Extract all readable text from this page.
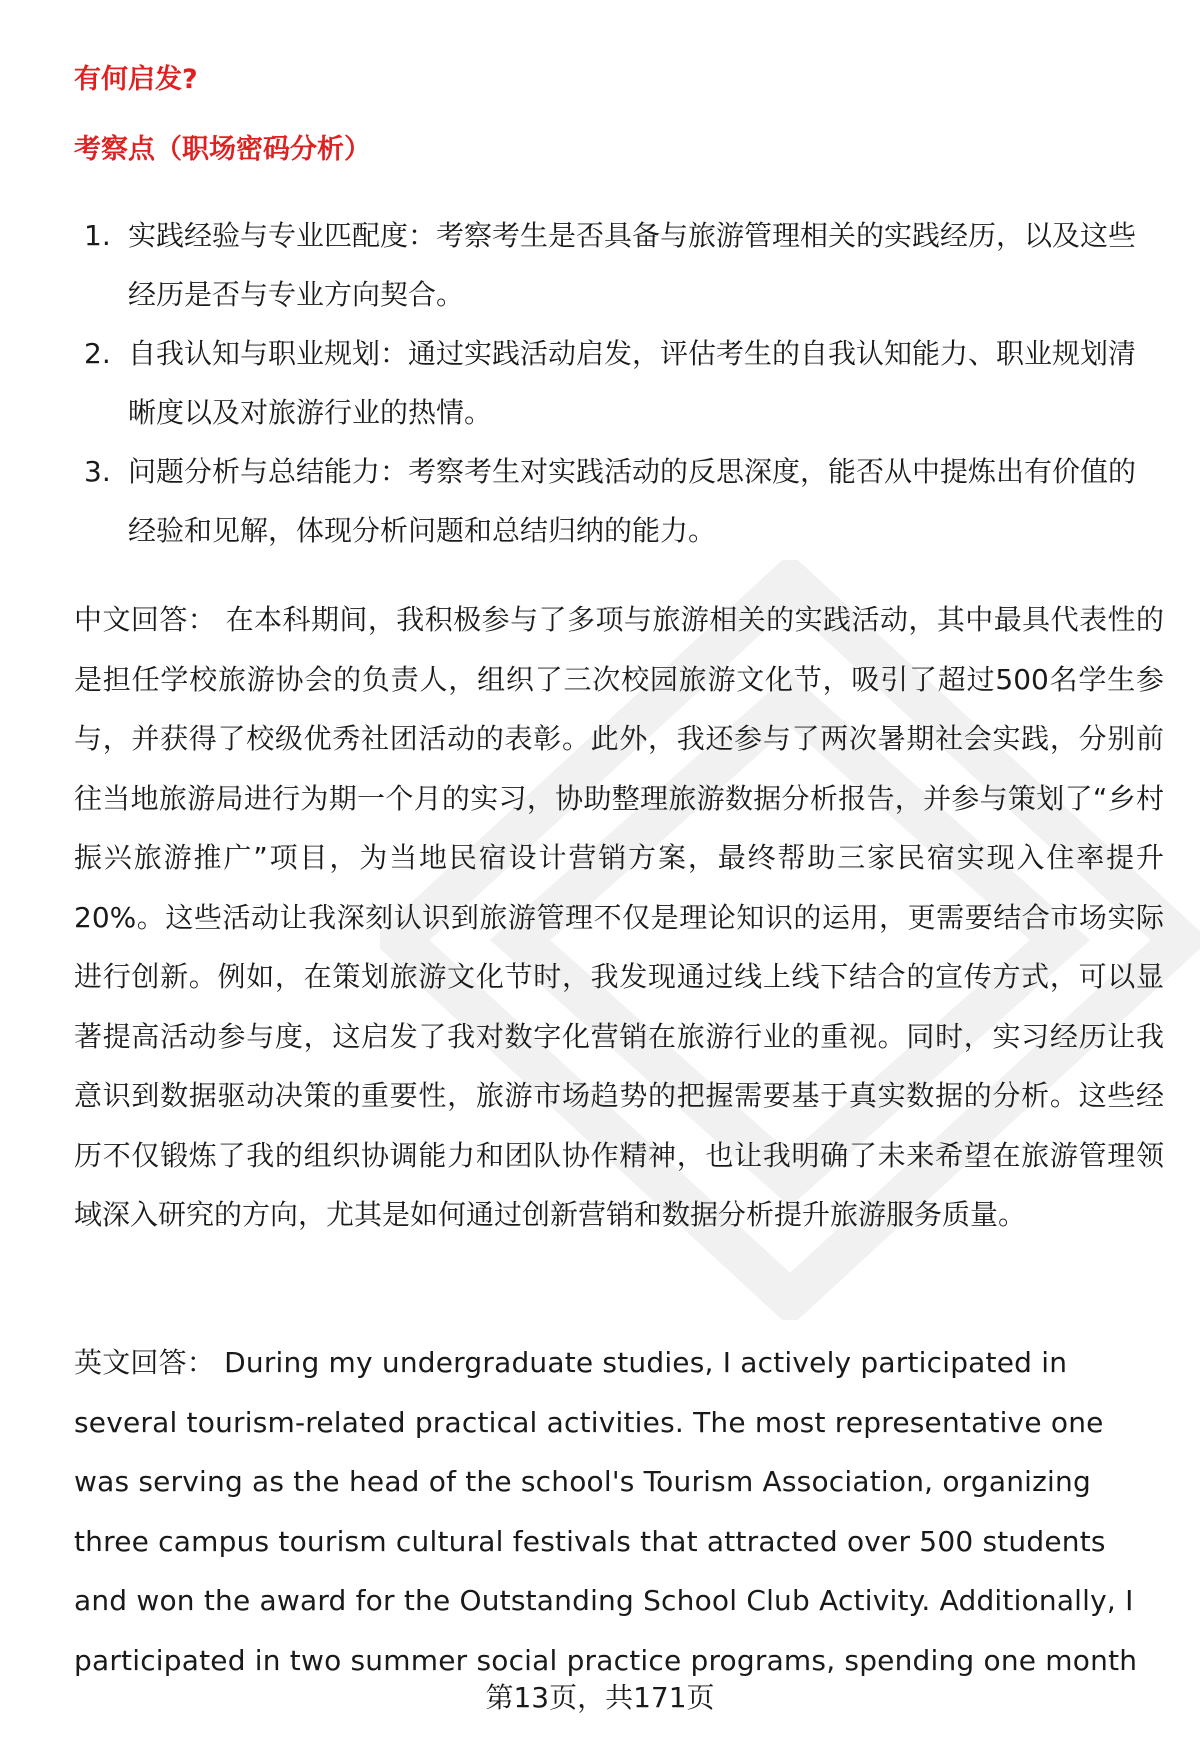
有何启发?
考察点（职场密码分析）
1. 实践经验与专业匹配度：考察考生是否具备与旅游管理相关的实践经历，以及这些经历是否与专业方向契合。
2. 自我认知与职业规划：通过实践活动启发，评估考生的自我认知能力、职业规划清晰度以及对旅游行业的热情。
3. 问题分析与总结能力：考察考生对实践活动的反思深度，能否从中提炼出有价值的经验和见解，体现分析问题和总结归纳的能力。

中文回答： 在本科期间，我积极参与了多项与旅游相关的实践活动，其中最具代表性的是担任学校旅游协会的负责人，组织了三次校园旅游文化节，吸引了超过500名学生参与，并获得了校级优秀社团活动的表彰。此外，我还参与了两次暑期社会实践，分别前往当地旅游局进行为期一个月的实习，协助整理旅游数据分析报告，并参与策划了“乡村振兴旅游推广”项目，为当地民宿设计营销方案，最终帮助三家民宿实现入住率提升20%。这些活动让我深刻认识到旅游管理不仅是理论知识的运用，更需要结合市场实际进行创新。例如，在策划旅游文化节时，我发现通过线上线下结合的宣传方式，可以显著提高活动参与度，这启发了我对数字化营销在旅游行业的重视。同时，实习经历让我意识到数据驱动决策的重要性，旅游市场趋势的把握需要基于真实数据的分析。这些经历不仅锻炼了我的组织协调能力和团队协作精神，也让我明确了未来希望在旅游管理领域深入研究的方向，尤其是如何通过创新营销和数据分析提升旅游服务质量。

英文回答： During my undergraduate studies, I actively participated in several tourism-related practical activities. The most representative one was serving as the head of the school's Tourism Association, organizing three campus tourism cultural festivals that attracted over 500 students and won the award for the Outstanding School Club Activity. Additionally, I participated in two summer social practice programs, spending one month

第13页，共171页
